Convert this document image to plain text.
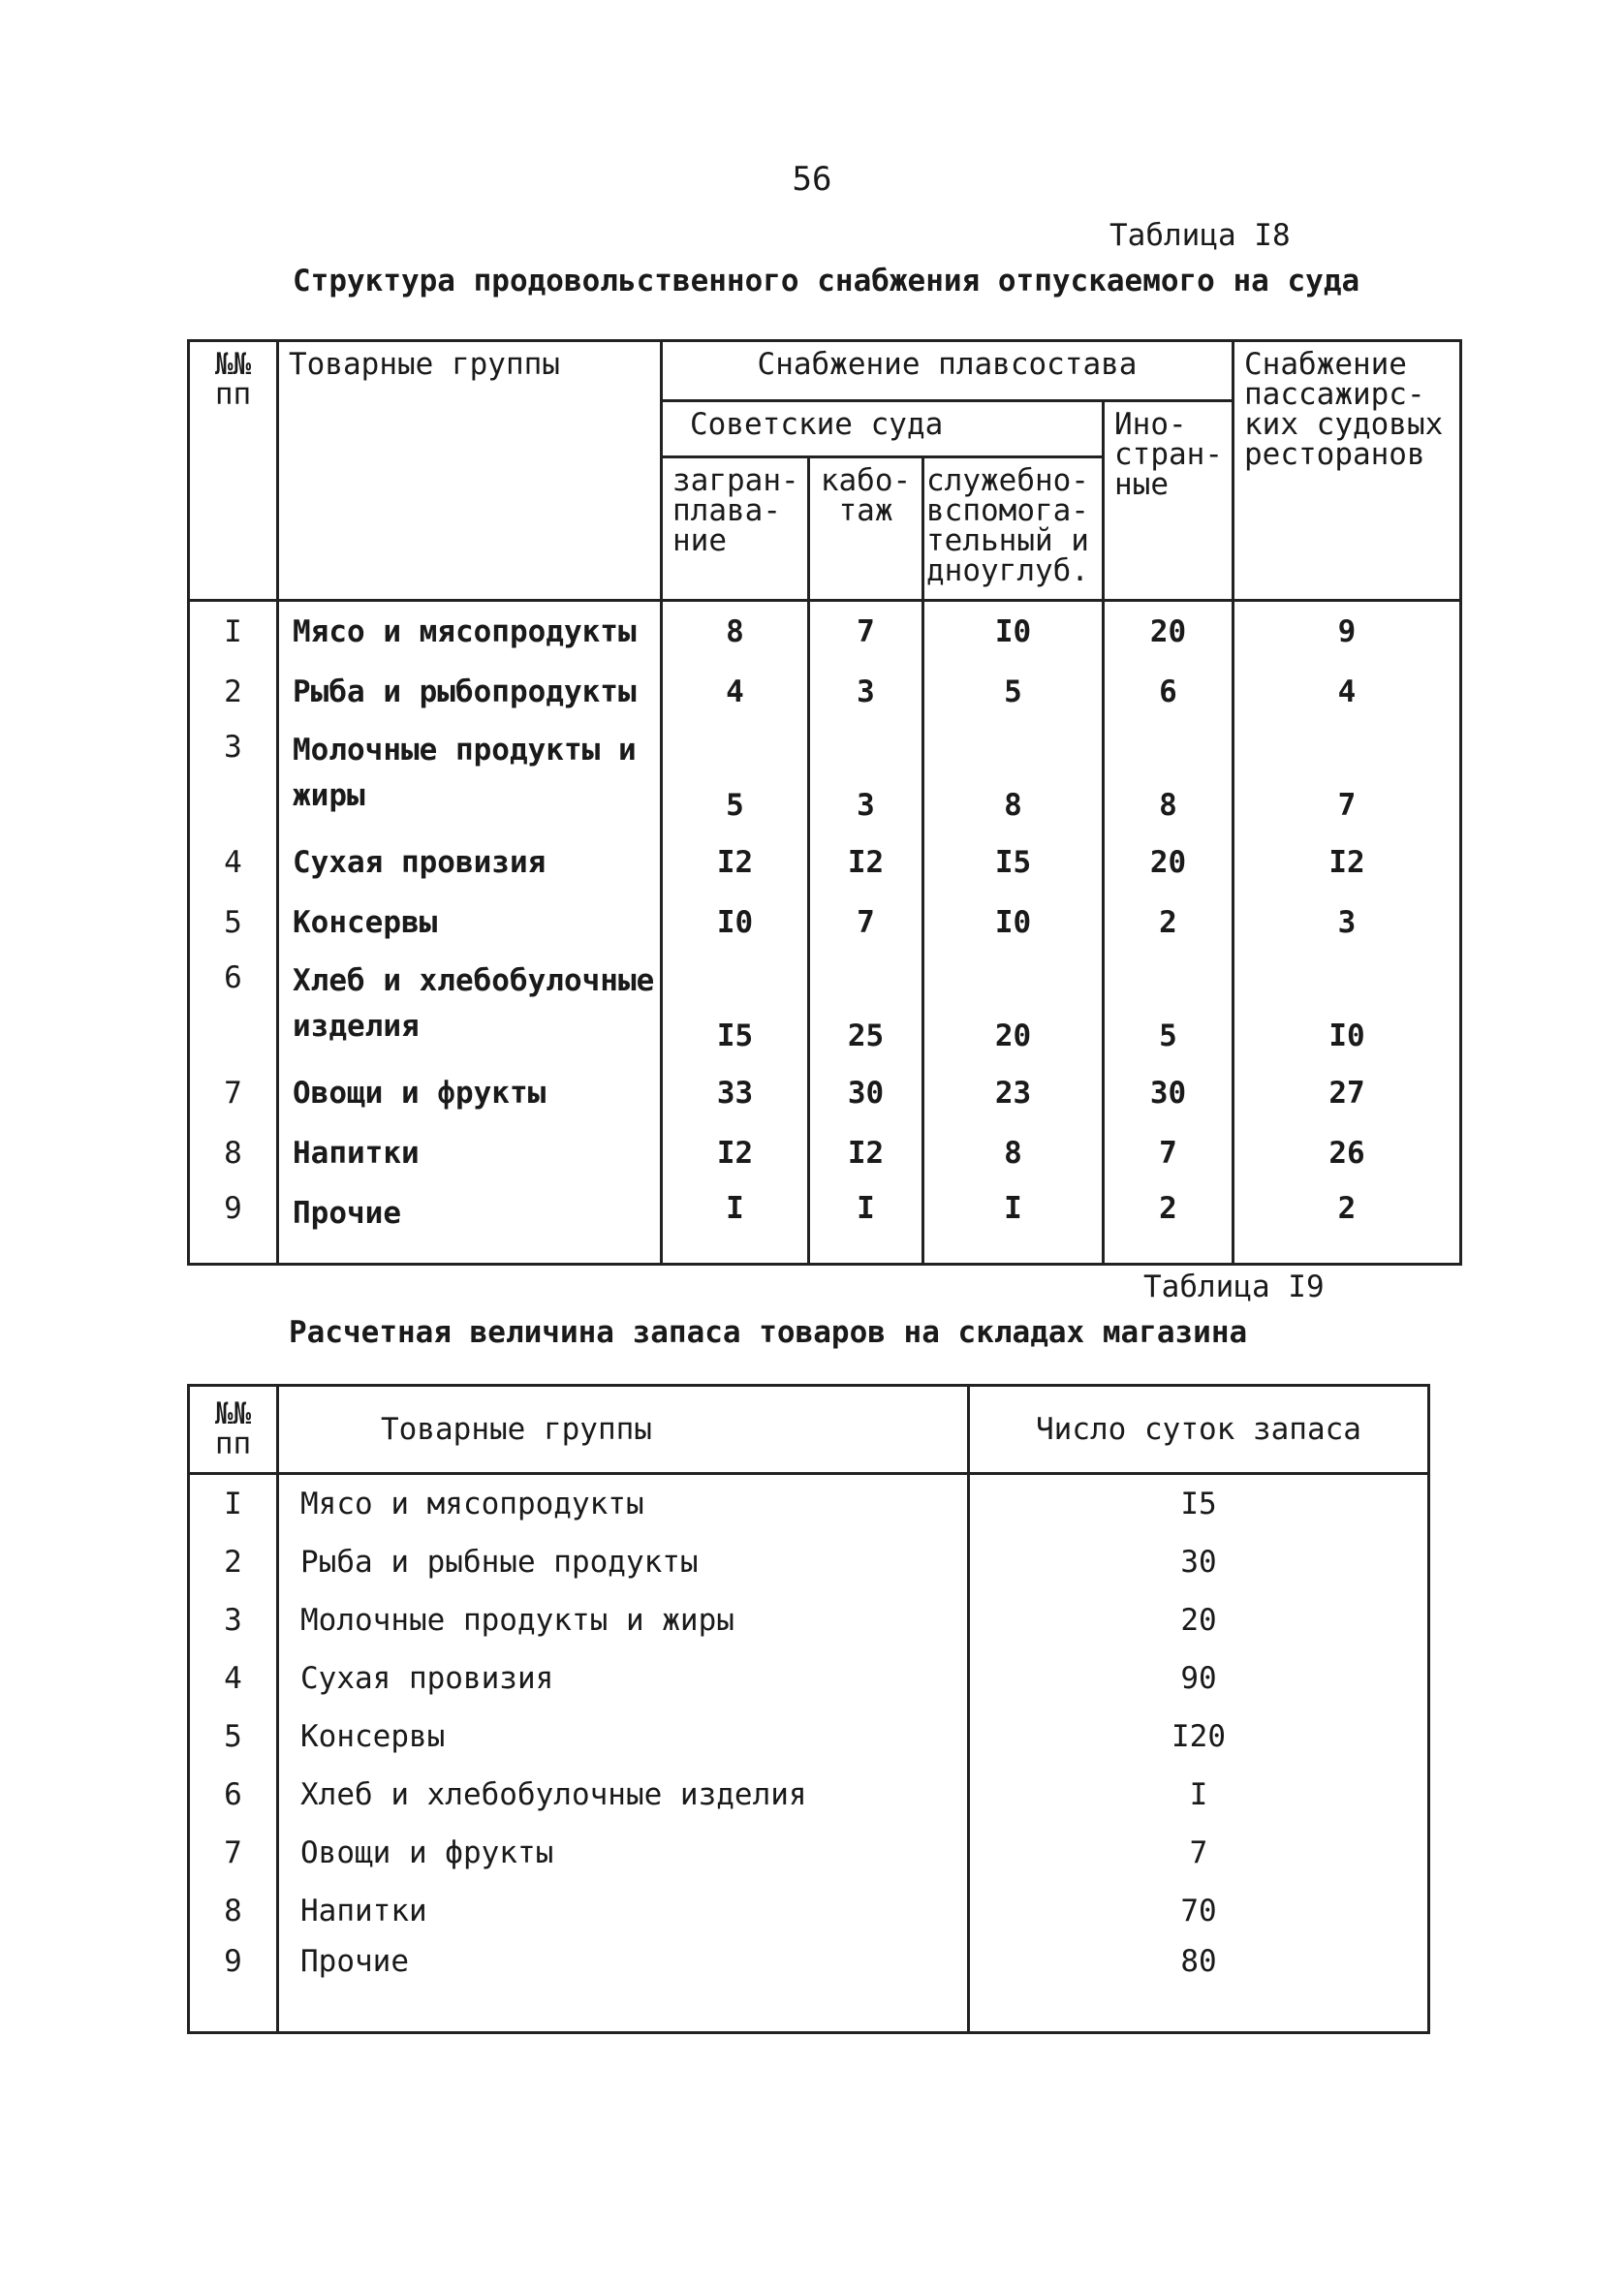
56
Таблица I8
Структура продовольственного снабжения отпускаемого на суда
№№ пп	Товарные группы	Снабжение плавсостава				Снабжение пассажирс- ких судовых ресторанов
		Советские суда			Ино- стран- ные	
		загран- плава- ние	кабо- таж	служебно- вспомога- тельный и дноуглуб.		
I	Мясо и мясопродукты	8	7	I0	20	9
2	Рыба и рыбопродукты	4	3	5	6	4
3	Молочные продукты и жиры	5	3	8	8	7
4	Сухая провизия	I2	I2	I5	20	I2
5	Консервы	I0	7	I0	2	3
6	Хлеб и хлебобулочные изделия	I5	25	20	5	I0
7	Овощи и фрукты	33	30	23	30	27
8	Напитки	I2	I2	8	7	26
9	Прочие	I	I	I	2	2
Таблица I9
Расчетная величина запаса товаров на складах магазина
№№ пп	Товарные группы	Число суток запаса
I	Мясо и мясопродукты	I5
2	Рыба и рыбные продукты	30
3	Молочные продукты и жиры	20
4	Сухая провизия	90
5	Консервы	I20
6	Хлеб и хлебобулочные изделия	I
7	Овощи и фрукты	7
8	Напитки	70
9	Прочие	80
